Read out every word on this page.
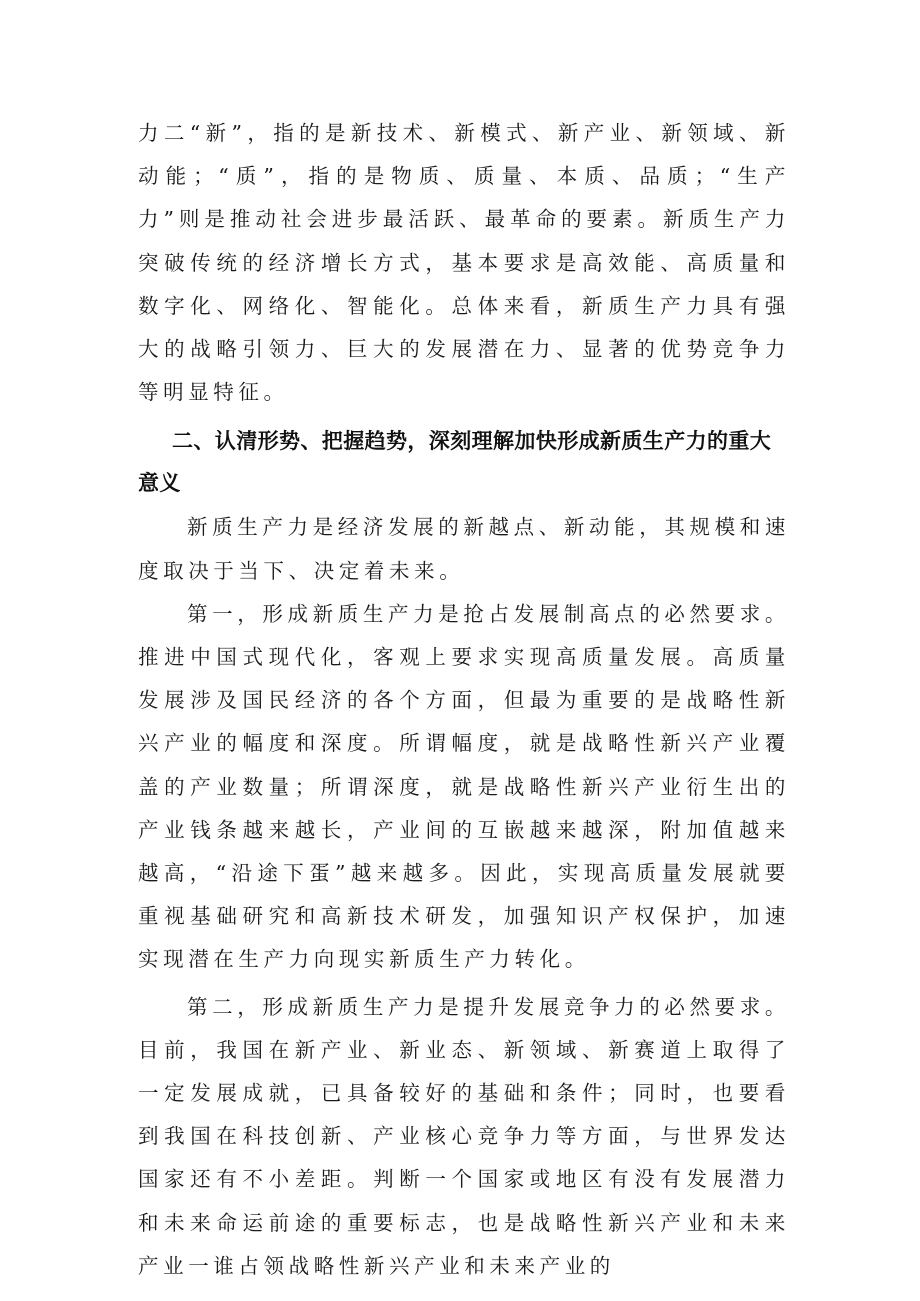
力二“新”，指的是新技术、新模式、新产业、新领域、新动能；“质”，指的是物质、质量、本质、品质；“生产力”则是推动社会进步最活跃、最革命的要素。新质生产力突破传统的经济增长方式，基本要求是高效能、高质量和数字化、网络化、智能化。总体来看，新质生产力具有强大的战略引领力、巨大的发展潜在力、显著的优势竞争力等明显特征。

二、认清形势、把握趋势，深刻理解加快形成新质生产力的重大意义

新质生产力是经济发展的新越点、新动能，其规模和速度取决于当下、决定着未来。

第一，形成新质生产力是抢占发展制高点的必然要求。推进中国式现代化，客观上要求实现高质量发展。高质量发展涉及国民经济的各个方面，但最为重要的是战略性新兴产业的幅度和深度。所谓幅度，就是战略性新兴产业覆盖的产业数量；所谓深度，就是战略性新兴产业衍生出的产业钱条越来越长，产业间的互嵌越来越深，附加值越来越高，“沿途下蛋”越来越多。因此，实现高质量发展就要重视基础研究和高新技术研发，加强知识产权保护，加速实现潜在生产力向现实新质生产力转化。

第二，形成新质生产力是提升发展竞争力的必然要求。目前，我国在新产业、新业态、新领域、新赛道上取得了一定发展成就，已具备较好的基础和条件；同时，也要看到我国在科技创新、产业核心竞争力等方面，与世界发达国家还有不小差距。判断一个国家或地区有没有发展潜力和未来命运前途的重要标志，也是战略性新兴产业和未来产业一谁占领战略性新兴产业和未来产业的
